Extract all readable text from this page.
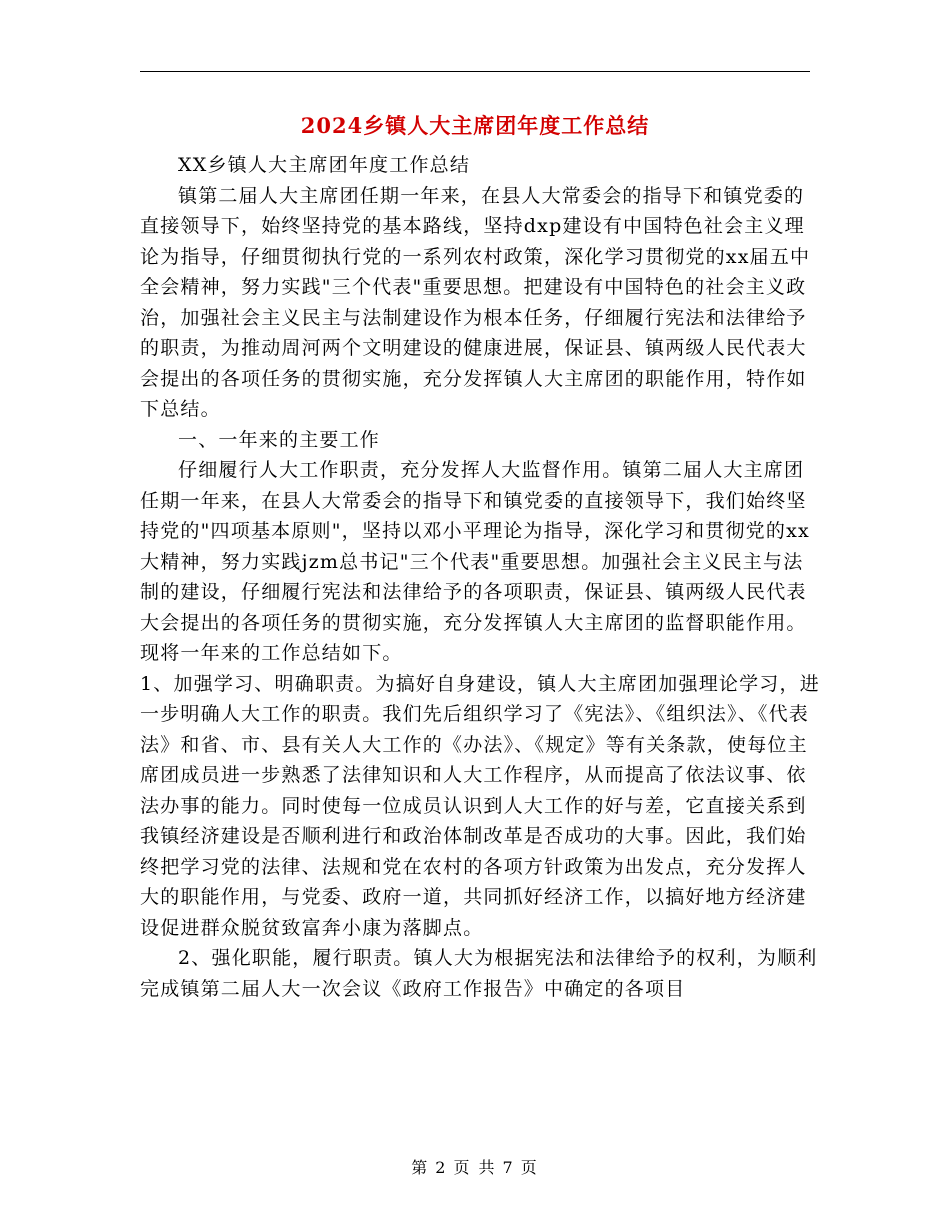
2024乡镇人大主席团年度工作总结

XX乡镇人大主席团年度工作总结

镇第二届人大主席团任期一年来，在县人大常委会的指导下和镇党委的直接领导下，始终坚持党的基本路线，坚持dxp建设有中国特色社会主义理论为指导，仔细贯彻执行党的一系列农村政策，深化学习贯彻党的xx届五中全会精神，努力实践"三个代表"重要思想。把建设有中国特色的社会主义政治，加强社会主义民主与法制建设作为根本任务，仔细履行宪法和法律给予的职责，为推动周河两个文明建设的健康进展，保证县、镇两级人民代表大会提出的各项任务的贯彻实施，充分发挥镇人大主席团的职能作用，特作如下总结。

一、一年来的主要工作

仔细履行人大工作职责，充分发挥人大监督作用。镇第二届人大主席团任期一年来，在县人大常委会的指导下和镇党委的直接领导下，我们始终坚持党的"四项基本原则"，坚持以邓小平理论为指导，深化学习和贯彻党的xx大精神，努力实践jzm总书记"三个代表"重要思想。加强社会主义民主与法制的建设，仔细履行宪法和法律给予的各项职责，保证县、镇两级人民代表大会提出的各项任务的贯彻实施，充分发挥镇人大主席团的监督职能作用。现将一年来的工作总结如下。

1、加强学习、明确职责。为搞好自身建设，镇人大主席团加强理论学习，进一步明确人大工作的职责。我们先后组织学习了《宪法》、《组织法》、《代表法》和省、市、县有关人大工作的《办法》、《规定》等有关条款，使每位主席团成员进一步熟悉了法律知识和人大工作程序，从而提高了依法议事、依法办事的能力。同时使每一位成员认识到人大工作的好与差，它直接关系到我镇经济建设是否顺利进行和政治体制改革是否成功的大事。因此，我们始终把学习党的法律、法规和党在农村的各项方针政策为出发点，充分发挥人大的职能作用，与党委、政府一道，共同抓好经济工作，以搞好地方经济建设促进群众脱贫致富奔小康为落脚点。

2、强化职能，履行职责。镇人大为根据宪法和法律给予的权利，为顺利完成镇第二届人大一次会议《政府工作报告》中确定的各项目

第 2 页 共 7 页
